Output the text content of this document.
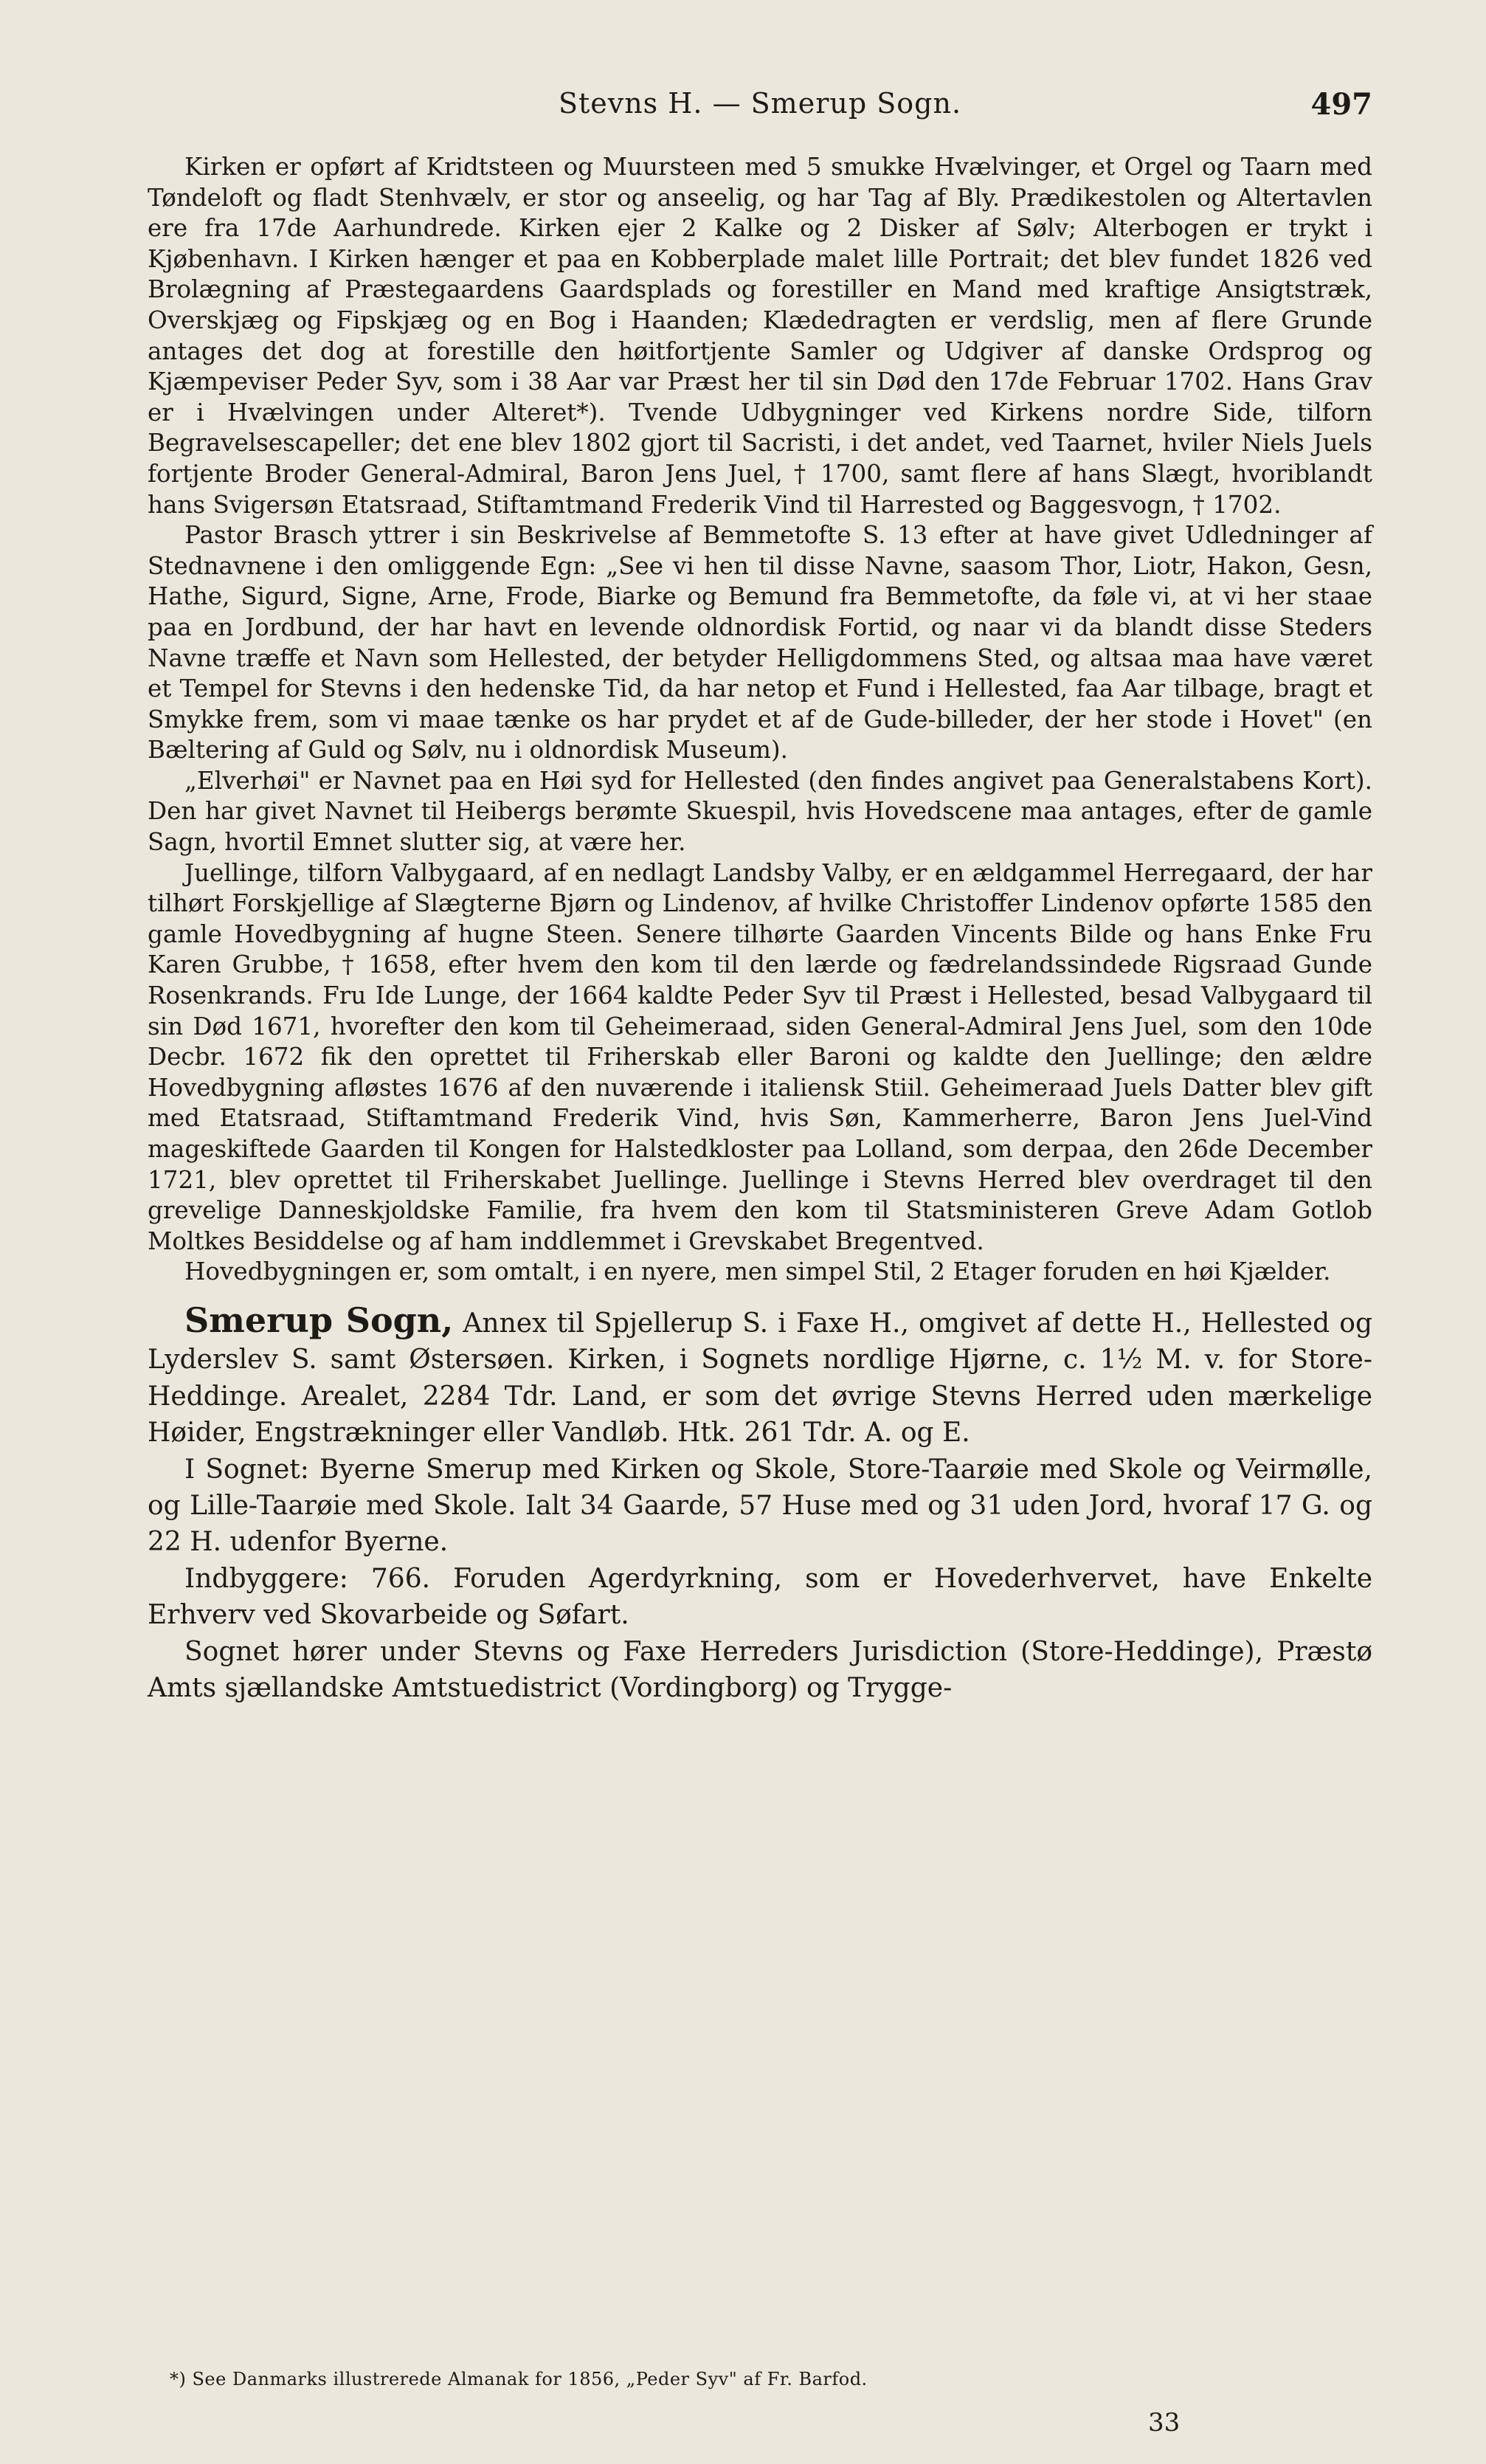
Stevns H. — Smerup Sogn.	497

Kirken er opført af Kridtsteen og Muursteen med 5 smukke Hvælvinger, et Orgel og Taarn med Tøndeloft og fladt Stenhvælv, er stor og anseelig, og har Tag af Bly. Prædikestolen og Altertavlen ere fra 17de Aarhundrede. Kirken ejer 2 Kalke og 2 Disker af Sølv; Alterbogen er trykt i Kjøbenhavn. I Kirken hænger et paa en Kobberplade malet lille Portrait; det blev fundet 1826 ved Brolægning af Præstegaardens Gaardsplads og forestiller en Mand med kraftige Ansigtstræk, Overskjæg og Fipskjæg og en Bog i Haanden; Klædedragten er verdslig, men af flere Grunde antages det dog at forestille den høitfortjente Samler og Udgiver af danske Ordsprog og Kjæmpeviser Peder Syv, som i 38 Aar var Præst her til sin Død den 17de Februar 1702. Hans Grav er i Hvælvingen under Alteret*). Tvende Udbygninger ved Kirkens nordre Side, tilforn Begravelsescapeller; det ene blev 1802 gjort til Sacristi, i det andet, ved Taarnet, hviler Niels Juels fortjente Broder General-Admiral, Baron Jens Juel, † 1700, samt flere af hans Slægt, hvoriblandt hans Svigersøn Etatsraad, Stiftamtmand Frederik Vind til Harrested og Baggesvogn, † 1702.

Pastor Brasch yttrer i sin Beskrivelse af Bemmetofte S. 13 efter at have givet Udledninger af Stednavnene i den omliggende Egn: „See vi hen til disse Navne, saasom Thor, Liotr, Hakon, Gesn, Hathe, Sigurd, Signe, Arne, Frode, Biarke og Bemund fra Bemmetofte, da føle vi, at vi her staae paa en Jordbund, der har havt en levende oldnordisk Fortid, og naar vi da blandt disse Steders Navne træffe et Navn som Hellested, der betyder Helligdommens Sted, og altsaa maa have været et Tempel for Stevns i den hedenske Tid, da har netop et Fund i Hellested, faa Aar tilbage, bragt et Smykke frem, som vi maae tænke os har prydet et af de Gude-billeder, der her stode i Hovet" (en Bæltering af Guld og Sølv, nu i oldnordisk Museum).

„Elverhøi" er Navnet paa en Høi syd for Hellested (den findes angivet paa Generalstabens Kort). Den har givet Navnet til Heibergs berømte Skuespil, hvis Hovedscene maa antages, efter de gamle Sagn, hvortil Emnet slutter sig, at være her.

Juellinge, tilforn Valbygaard, af en nedlagt Landsby Valby, er en ældgammel Herregaard, der har tilhørt Forskjellige af Slægterne Bjørn og Lindenov, af hvilke Christoffer Lindenov opførte 1585 den gamle Hovedbygning af hugne Steen. Senere tilhørte Gaarden Vincents Bilde og hans Enke Fru Karen Grubbe, † 1658, efter hvem den kom til den lærde og fædrelandssindede Rigsraad Gunde Rosenkrands. Fru Ide Lunge, der 1664 kaldte Peder Syv til Præst i Hellested, besad Valbygaard til sin Død 1671, hvorefter den kom til Geheimeraad, siden General-Admiral Jens Juel, som den 10de Decbr. 1672 fik den oprettet til Friherskab eller Baroni og kaldte den Juellinge; den ældre Hovedbygning afløstes 1676 af den nuværende i italiensk Stiil. Geheimeraad Juels Datter blev gift med Etatsraad, Stiftamtmand Frederik Vind, hvis Søn, Kammerherre, Baron Jens Juel-Vind mageskiftede Gaarden til Kongen for Halstedkloster paa Lolland, som derpaa, den 26de December 1721, blev oprettet til Friherskabet Juellinge. Juellinge i Stevns Herred blev overdraget til den grevelige Danneskjoldske Familie, fra hvem den kom til Statsministeren Greve Adam Gotlob Moltkes Besiddelse og af ham inddlemmet i Grevskabet Bregentved.

Hovedbygningen er, som omtalt, i en nyere, men simpel Stil, 2 Etager foruden en høi Kjælder.

Smerup Sogn, Annex til Spjellerup S. i Faxe H., omgivet af dette H., Hellested og Lyderslev S. samt Østersøen. Kirken, i Sognets nordlige Hjørne, c. 1½ M. v. for Store-Heddinge. Arealet, 2284 Tdr. Land, er som det øvrige Stevns Herred uden mærkelige Høider, Engstrækninger eller Vandløb. Htk. 261 Tdr. A. og E.

I Sognet: Byerne Smerup med Kirken og Skole, Store-Taarøie med Skole og Veirmølle, og Lille-Taarøie med Skole. Ialt 34 Gaarde, 57 Huse med og 31 uden Jord, hvoraf 17 G. og 22 H. udenfor Byerne.

Indbyggere: 766. Foruden Agerdyrkning, som er Hovederhvervet, have Enkelte Erhverv ved Skovarbeide og Søfart.

Sognet hører under Stevns og Faxe Herreders Jurisdiction (Store-Heddinge), Præstø Amts sjællandske Amtstuedistrict (Vordingborg) og Trygge-

*) See Danmarks illustrerede Almanak for 1856, „Peder Syv" af Fr. Barfod.
33
